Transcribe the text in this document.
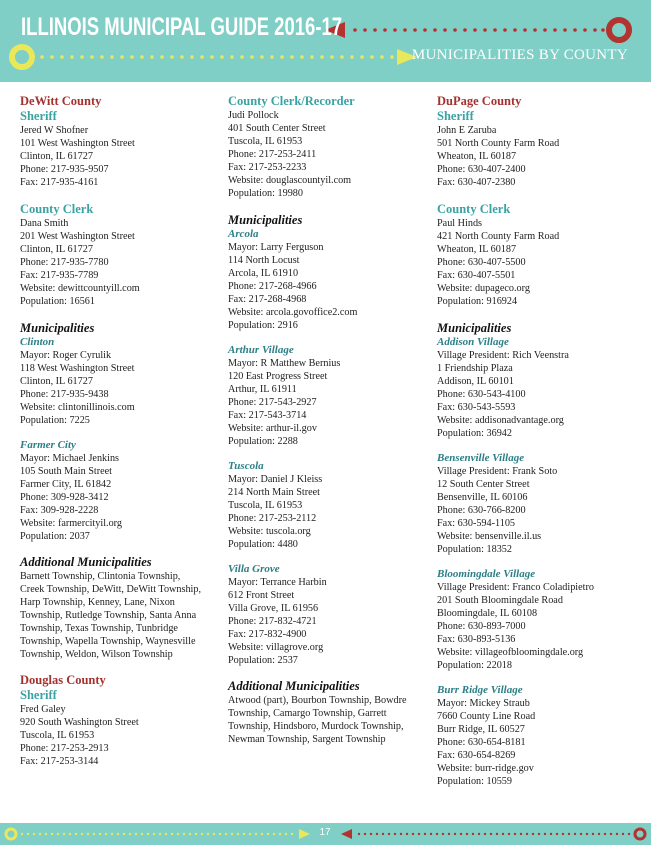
ILLINOIS MUNICIPAL GUIDE 2016-17
MUNICIPALITIES BY COUNTY
DeWitt County
Sheriff
Jered W Shofner
101 West Washington Street
Clinton, IL 61727
Phone: 217-935-9507
Fax: 217-935-4161
County Clerk
Dana Smith
201 West Washington Street
Clinton, IL 61727
Phone: 217-935-7780
Fax: 217-935-7789
Website: dewittcountyill.com
Population: 16561
Municipalities
Clinton
Mayor: Roger Cyrulik
118 West Washington Street
Clinton, IL 61727
Phone: 217-935-9438
Website: clintonillinois.com
Population: 7225
Farmer City
Mayor: Michael Jenkins
105 South Main Street
Farmer City, IL 61842
Phone: 309-928-3412
Fax: 309-928-2228
Website: farmercityil.org
Population: 2037
Additional Municipalities
Barnett Township, Clintonia Township,
Creek Township, DeWitt, DeWitt Township,
Harp Township, Kenney, Lane, Nixon
Township, Rutledge Township, Santa Anna
Township, Texas Township, Tunbridge
Township, Wapella Township, Waynesville
Township, Weldon, Wilson Township
Douglas County
Sheriff
Fred Galey
920 South Washington Street
Tuscola, IL 61953
Phone: 217-253-2913
Fax: 217-253-3144
County Clerk/Recorder
Judi Pollock
401 South Center Street
Tuscola, IL 61953
Phone: 217-253-2411
Fax: 217-253-2233
Website: douglascountyil.com
Population: 19980
Municipalities
Arcola
Mayor: Larry Ferguson
114 North Locust
Arcola, IL 61910
Phone: 217-268-4966
Fax: 217-268-4968
Website: arcola.govoffice2.com
Population: 2916
Arthur Village
Mayor: R Matthew Bernius
120 East Progress Street
Arthur, IL 61911
Phone: 217-543-2927
Fax: 217-543-3714
Website: arthur-il.gov
Population: 2288
Tuscola
Mayor: Daniel J Kleiss
214 North Main Street
Tuscola, IL 61953
Phone: 217-253-2112
Website: tuscola.org
Population: 4480
Villa Grove
Mayor: Terrance Harbin
612 Front Street
Villa Grove, IL 61956
Phone: 217-832-4721
Fax: 217-832-4900
Website: villagrove.org
Population: 2537
Additional Municipalities
Atwood (part), Bourbon Township, Bowdre
Township, Camargo Township, Garrett
Township, Hindsboro, Murdock Township,
Newman Township, Sargent Township
DuPage County
Sheriff
John E Zaruba
501 North County Farm Road
Wheaton, IL 60187
Phone: 630-407-2400
Fax: 630-407-2380
County Clerk
Paul Hinds
421 North County Farm Road
Wheaton, IL 60187
Phone: 630-407-5500
Fax: 630-407-5501
Website: dupageco.org
Population: 916924
Municipalities
Addison Village
Village President: Rich Veenstra
1 Friendship Plaza
Addison, IL 60101
Phone: 630-543-4100
Fax: 630-543-5593
Website: addisonadvantage.org
Population: 36942
Bensenville Village
Village President: Frank Soto
12 South Center Street
Bensenville, IL 60106
Phone: 630-766-8200
Fax: 630-594-1105
Website: bensenville.il.us
Population: 18352
Bloomingdale Village
Village President: Franco Coladipietro
201 South Bloomingdale Road
Bloomingdale, IL 60108
Phone: 630-893-7000
Fax: 630-893-5136
Website: villageofbloomingdale.org
Population: 22018
Burr Ridge Village
Mayor: Mickey Straub
7660 County Line Road
Burr Ridge, IL 60527
Phone: 630-654-8181
Fax: 630-654-8269
Website: burr-ridge.gov
Population: 10559
17
